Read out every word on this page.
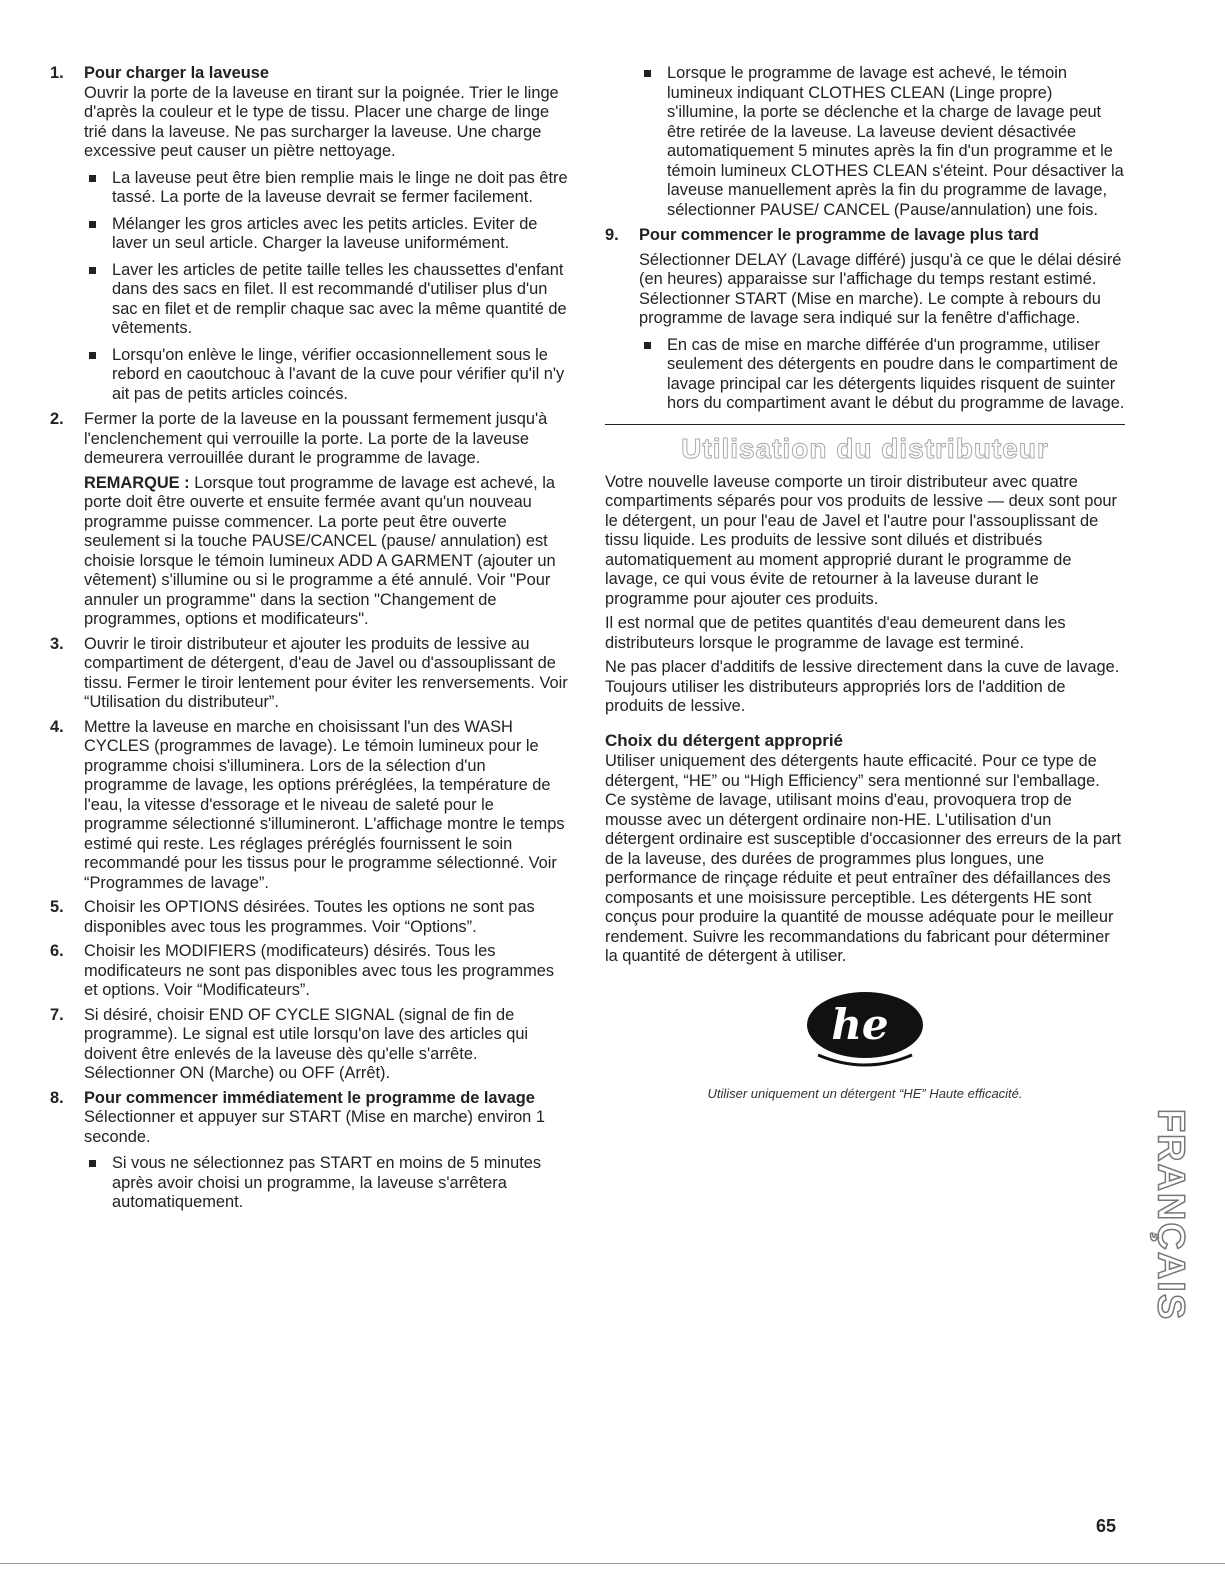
1. Pour charger la laveuse

Ouvrir la porte de la laveuse en tirant sur la poignée. Trier le linge d'après la couleur et le type de tissu. Placer une charge de linge trié dans la laveuse. Ne pas surcharger la laveuse. Une charge excessive peut causer un piètre nettoyage.

La laveuse peut être bien remplie mais le linge ne doit pas être tassé. La porte de la laveuse devrait se fermer facilement.
Mélanger les gros articles avec les petits articles. Eviter de laver un seul article. Charger la laveuse uniformément.
Laver les articles de petite taille telles les chaussettes d'enfant dans des sacs en filet. Il est recommandé d'utiliser plus d'un sac en filet et de remplir chaque sac avec la même quantité de vêtements.
Lorsqu'on enlève le linge, vérifier occasionnellement sous le rebord en caoutchouc à l'avant de la cuve pour vérifier qu'il n'y ait pas de petits articles coincés.
2. Fermer la porte de la laveuse en la poussant fermement jusqu'à l'enclenchement qui verrouille la porte. La porte de la laveuse demeurera verrouillée durant le programme de lavage.

REMARQUE : Lorsque tout programme de lavage est achevé, la porte doit être ouverte et ensuite fermée avant qu'un nouveau programme puisse commencer. La porte peut être ouverte seulement si la touche PAUSE/CANCEL (pause/ annulation) est choisie lorsque le témoin lumineux ADD A GARMENT (ajouter un vêtement) s'illumine ou si le programme a été annulé. Voir "Pour annuler un programme" dans la section "Changement de programmes, options et modificateurs".

3. Ouvrir le tiroir distributeur et ajouter les produits de lessive au compartiment de détergent, d'eau de Javel ou d'assouplissant de tissu. Fermer le tiroir lentement pour éviter les renversements. Voir “Utilisation du distributeur”.

4. Mettre la laveuse en marche en choisissant l'un des WASH CYCLES (programmes de lavage). Le témoin lumineux pour le programme choisi s'illuminera. Lors de la sélection d'un programme de lavage, les options préréglées, la température de l'eau, la vitesse d'essorage et le niveau de saleté pour le programme sélectionné s'illumineront. L'affichage montre le temps estimé qui reste. Les réglages préréglés fournissent le soin recommandé pour les tissus pour le programme sélectionné. Voir “Programmes de lavage”.

5. Choisir les OPTIONS désirées. Toutes les options ne sont pas disponibles avec tous les programmes. Voir “Options”.

6. Choisir les MODIFIERS (modificateurs) désirés. Tous les modificateurs ne sont pas disponibles avec tous les programmes et options. Voir “Modificateurs”.

7. Si désiré, choisir END OF CYCLE SIGNAL (signal de fin de programme). Le signal est utile lorsqu'on lave des articles qui doivent être enlevés de la laveuse dès qu'elle s'arrête. Sélectionner ON (Marche) ou OFF (Arrêt).

8. Pour commencer immédiatement le programme de lavage

Sélectionner et appuyer sur START (Mise en marche) environ 1 seconde.

Si vous ne sélectionnez pas START en moins de 5 minutes après avoir choisi un programme, la laveuse s'arrêtera automatiquement.
Lorsque le programme de lavage est achevé, le témoin lumineux indiquant CLOTHES CLEAN (Linge propre) s'illumine, la porte se déclenche et la charge de lavage peut être retirée de la laveuse. La laveuse devient désactivée automatiquement 5 minutes après la fin d'un programme et le témoin lumineux CLOTHES CLEAN s'éteint. Pour désactiver la laveuse manuellement après la fin du programme de lavage, sélectionner PAUSE/ CANCEL (Pause/annulation) une fois.
9. Pour commencer le programme de lavage plus tard

Sélectionner DELAY (Lavage différé) jusqu'à ce que le délai désiré (en heures) apparaisse sur l'affichage du temps restant estimé. Sélectionner START (Mise en marche). Le compte à rebours du programme de lavage sera indiqué sur la fenêtre d'affichage.

En cas de mise en marche différée d'un programme, utiliser seulement des détergents en poudre dans le compartiment de lavage principal car les détergents liquides risquent de suinter hors du compartiment avant le début du programme de lavage.
Utilisation du distributeur

Votre nouvelle laveuse comporte un tiroir distributeur avec quatre compartiments séparés pour vos produits de lessive — deux sont pour le détergent, un pour l'eau de Javel et l'autre pour l'assouplissant de tissu liquide. Les produits de lessive sont dilués et distribués automatiquement au moment approprié durant le programme de lavage, ce qui vous évite de retourner à la laveuse durant le programme pour ajouter ces produits.

Il est normal que de petites quantités d'eau demeurent dans les distributeurs lorsque le programme de lavage est terminé.

Ne pas placer d'additifs de lessive directement dans la cuve de lavage. Toujours utiliser les distributeurs appropriés lors de l'addition de produits de lessive.

Choix du détergent approprié

Utiliser uniquement des détergents haute efficacité. Pour ce type de détergent, “HE” ou “High Efficiency” sera mentionné sur l'emballage. Ce système de lavage, utilisant moins d'eau, provoquera trop de mousse avec un détergent ordinaire non-HE. L'utilisation d'un détergent ordinaire est susceptible d'occasionner des erreurs de la part de la laveuse, des durées de programmes plus longues, une performance de rinçage réduite et peut entraîner des défaillances des composants et une moisissure perceptible. Les détergents HE sont conçus pour produire la quantité de mousse adéquate pour le meilleur rendement. Suivre les recommandations du fabricant pour déterminer la quantité de détergent à utiliser.

he

Utiliser uniquement un détergent “HE” Haute efficacité.

FRANÇAIS
65
